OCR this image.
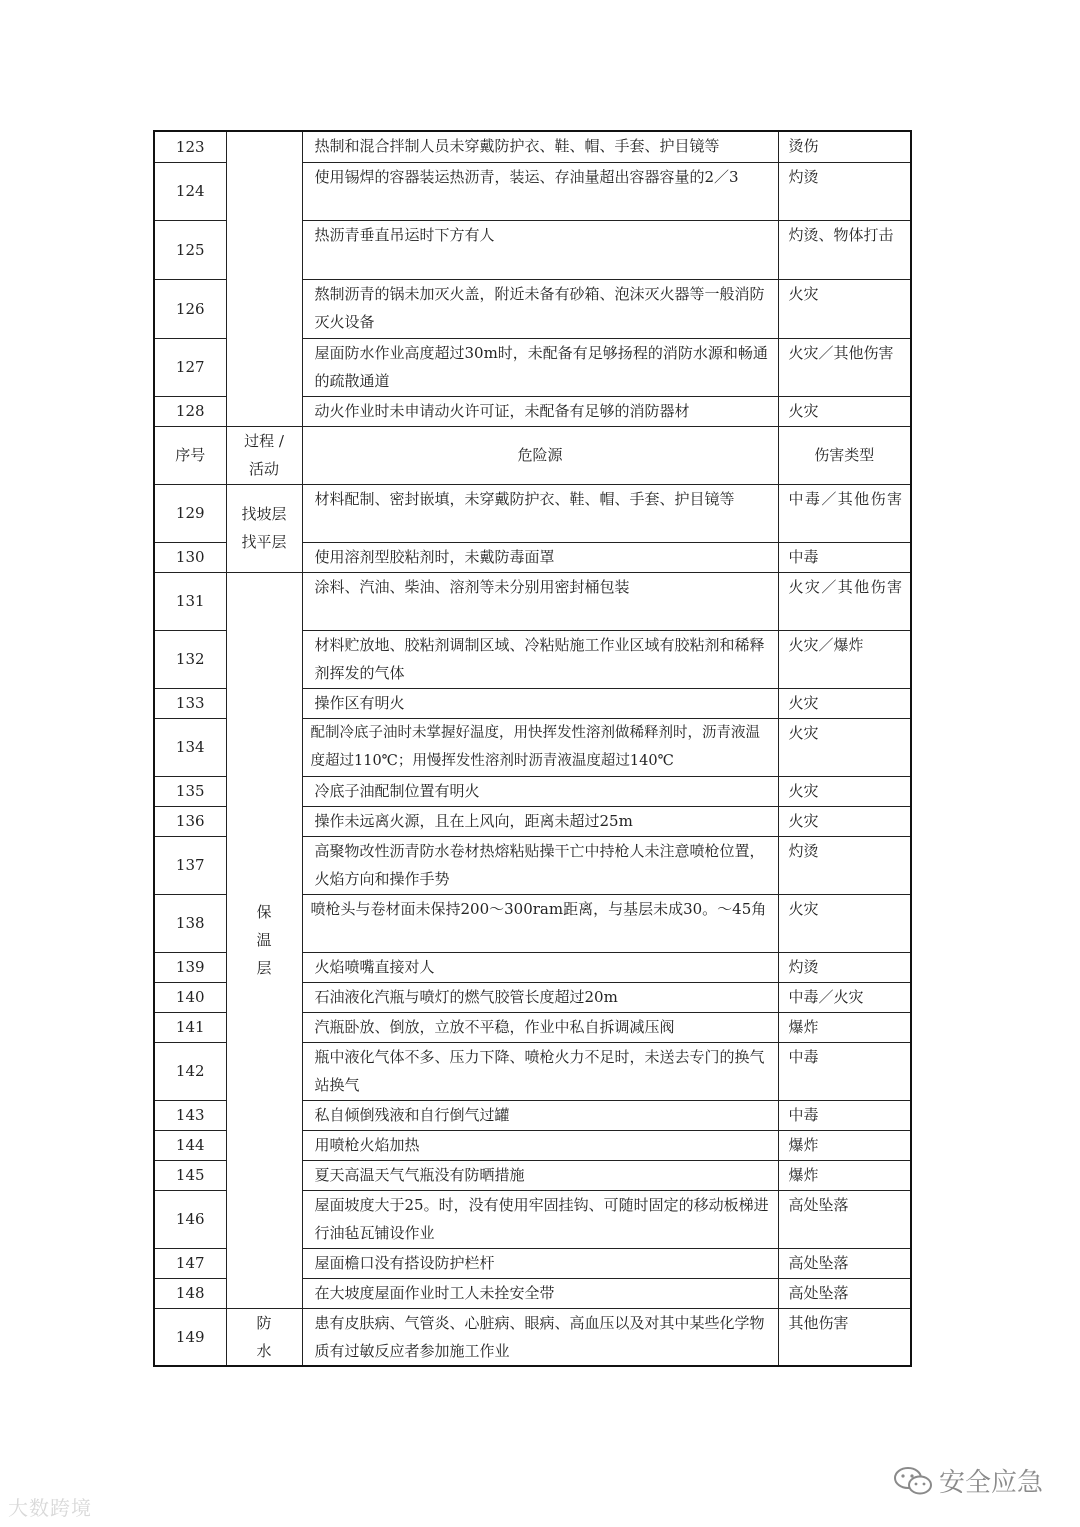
123		热制和混合拌制人员未穿戴防护衣、鞋、帽、手套、护目镜等	烫伤
124		使用锡焊的容器装运热沥青，装运、存油量超出容器容量的2／3	灼烫
125		热沥青垂直吊运时下方有人	灼烫、物体打击
126		熬制沥青的锅未加灭火盖，附近未备有砂箱、泡沫灭火器等一般消防灭火设备	火灾
127		屋面防水作业高度超过30m时，未配备有足够扬程的消防水源和畅通的疏散通道	火灾／其他伤害
128		动火作业时未申请动火许可证，未配备有足够的消防器材	火灾
序号	过程 / 活动	危险源	伤害类型
129	找坡层找平层	材料配制、密封嵌填，未穿戴防护衣、鞋、帽、手套、护目镜等	中毒／其他伤害
130		使用溶剂型胶粘剂时，未戴防毒面罩	中毒
131	保温层	涂料、汽油、柴油、溶剂等未分别用密封桶包装	火灾／其他伤害
132		材料贮放地、胶粘剂调制区域、冷粘贴施工作业区域有胶粘剂和稀释剂挥发的气体	火灾／爆炸
133		操作区有明火	火灾
134		配制冷底子油时未掌握好温度，用快挥发性溶剂做稀释剂时，沥青液温度超过110℃；用慢挥发性溶剂时沥青液温度超过140℃	火灾
135		冷底子油配制位置有明火	火灾
136		操作未远离火源，且在上风向，距离未超过25m	火灾
137		高聚物改性沥青防水卷材热熔粘贴操干亡中持枪人未注意喷枪位置，火焰方向和操作手势	灼烫
138		喷枪头与卷材面未保持200～300ram距离，与基层未成30。～45角	火灾
139		火焰喷嘴直接对人	灼烫
140		石油液化汽瓶与喷灯的燃气胶管长度超过20m	中毒／火灾
141		汽瓶卧放、倒放，立放不平稳，作业中私自拆调减压阀	爆炸
142		瓶中液化气体不多、压力下降、喷枪火力不足时，未送去专门的换气站换气	中毒
143		私自倾倒残液和自行倒气过罐	中毒
144		用喷枪火焰加热	爆炸
145		夏天高温天气气瓶没有防晒措施	爆炸
146		屋面坡度大于25。时，没有使用牢固挂钩、可随时固定的移动板梯进行油毡瓦铺设作业	高处坠落
147		屋面檐口没有搭设防护栏杆	高处坠落
148		在大坡度屋面作业时工人未拴安全带	高处坠落
149	防水	患有皮肤病、气管炎、心脏病、眼病、高血压以及对其中某些化学物质有过敏反应者参加施工作业	其他伤害
大数跨境
安全应急
